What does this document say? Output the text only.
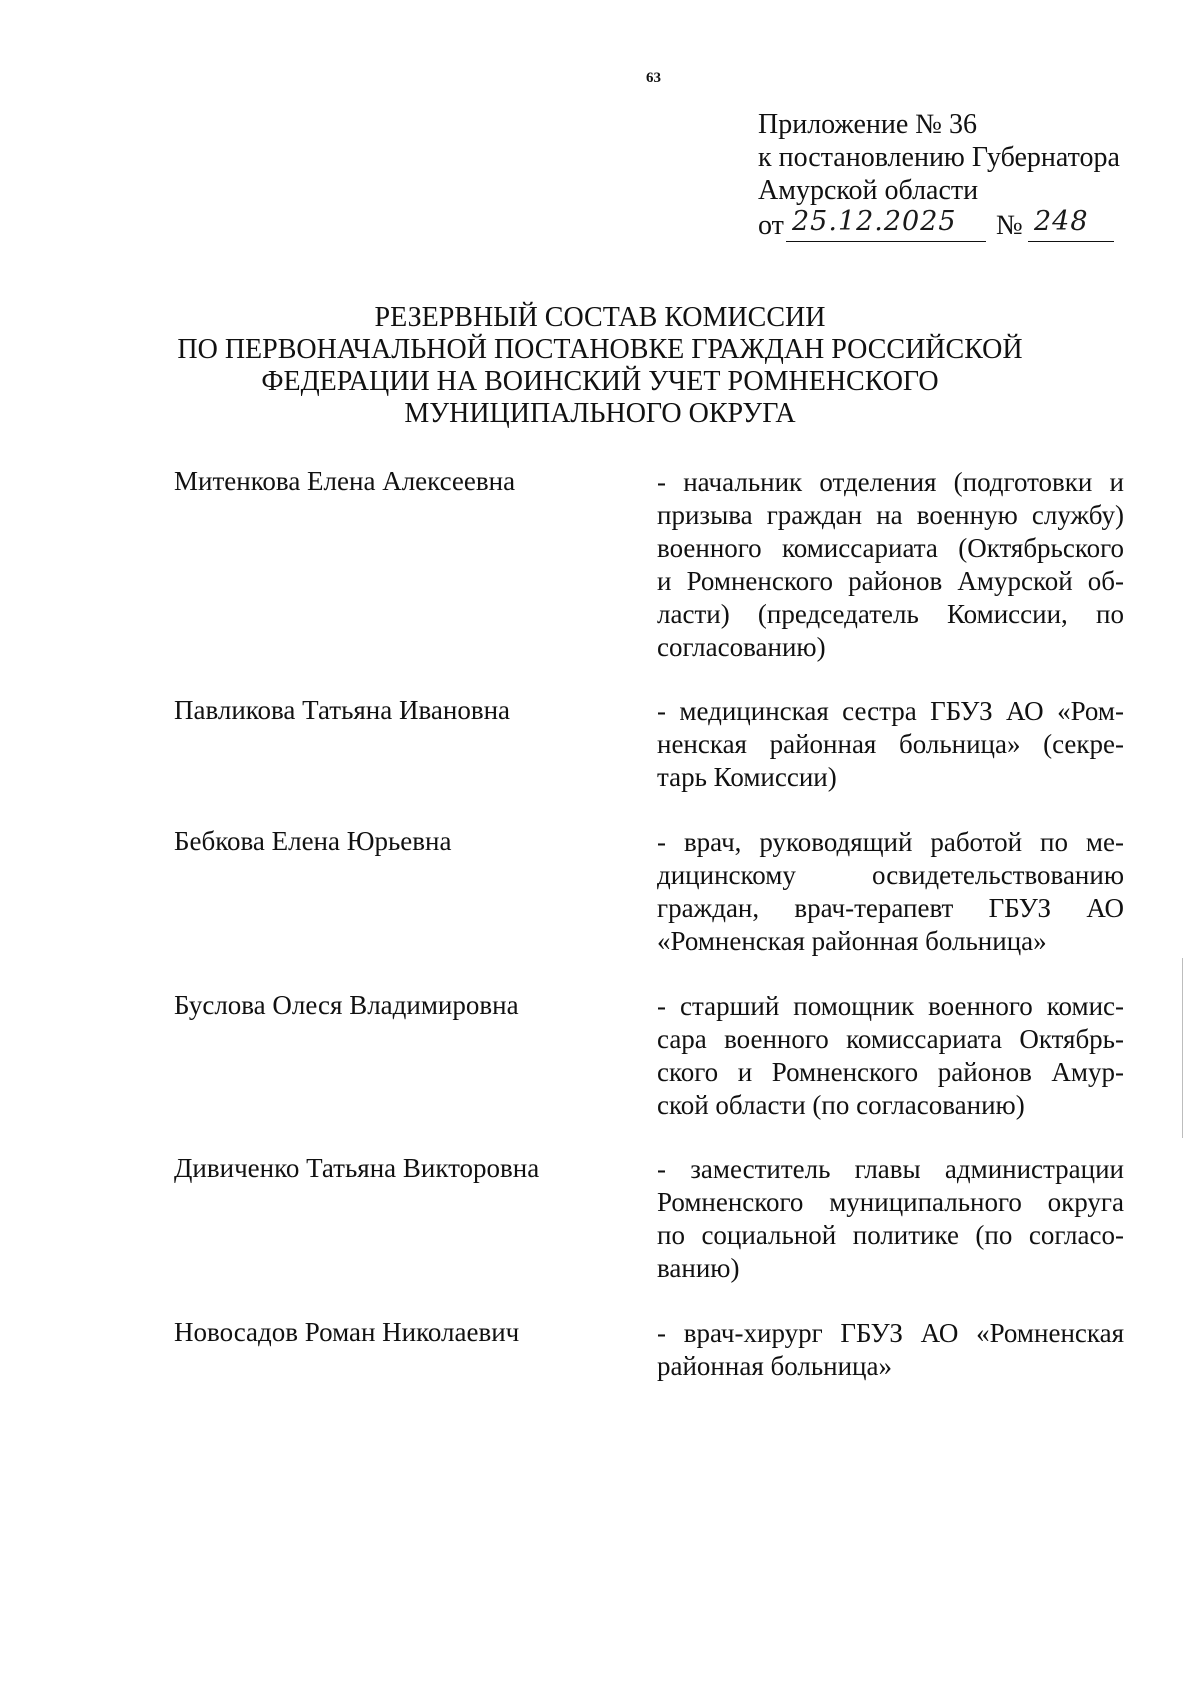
63
Приложение № 36
к постановлению Губернатора
Амурской области
от 25.12.2025 № 248
РЕЗЕРВНЫЙ СОСТАВ КОМИССИИ
ПО ПЕРВОНАЧАЛЬНОЙ ПОСТАНОВКЕ ГРАЖДАН РОССИЙСКОЙ
ФЕДЕРАЦИИ НА ВОИНСКИЙ УЧЕТ РОМНЕНСКОГО
МУНИЦИПАЛЬНОГО ОКРУГА
Митенкова Елена Алексеевна	- начальник отделения (подготовки и
призыва граждан на военную службу)
военного комиссариата (Октябрьского
и Ромненского районов Амурской об-
ласти) (председатель Комиссии, по
согласованию)
Павликова Татьяна Ивановна	- медицинская сестра ГБУЗ АО «Ром-
ненская районная больница» (секре-
тарь Комиссии)
Бебкова Елена Юрьевна	- врач, руководящий работой по ме-
дицинскому освидетельствованию
граждан, врач-терапевт ГБУЗ АО
«Ромненская районная больница»
Буслова Олеся Владимировна	- старший помощник военного комис-
сара военного комиссариата Октябрь-
ского и Ромненского районов Амур-
ской области (по согласованию)
Дивиченко Татьяна Викторовна	- заместитель главы администрации
Ромненского муниципального округа
по социальной политике (по согласо-
ванию)
Новосадов Роман Николаевич	- врач-хирург ГБУЗ АО «Ромненская
районная больница»
